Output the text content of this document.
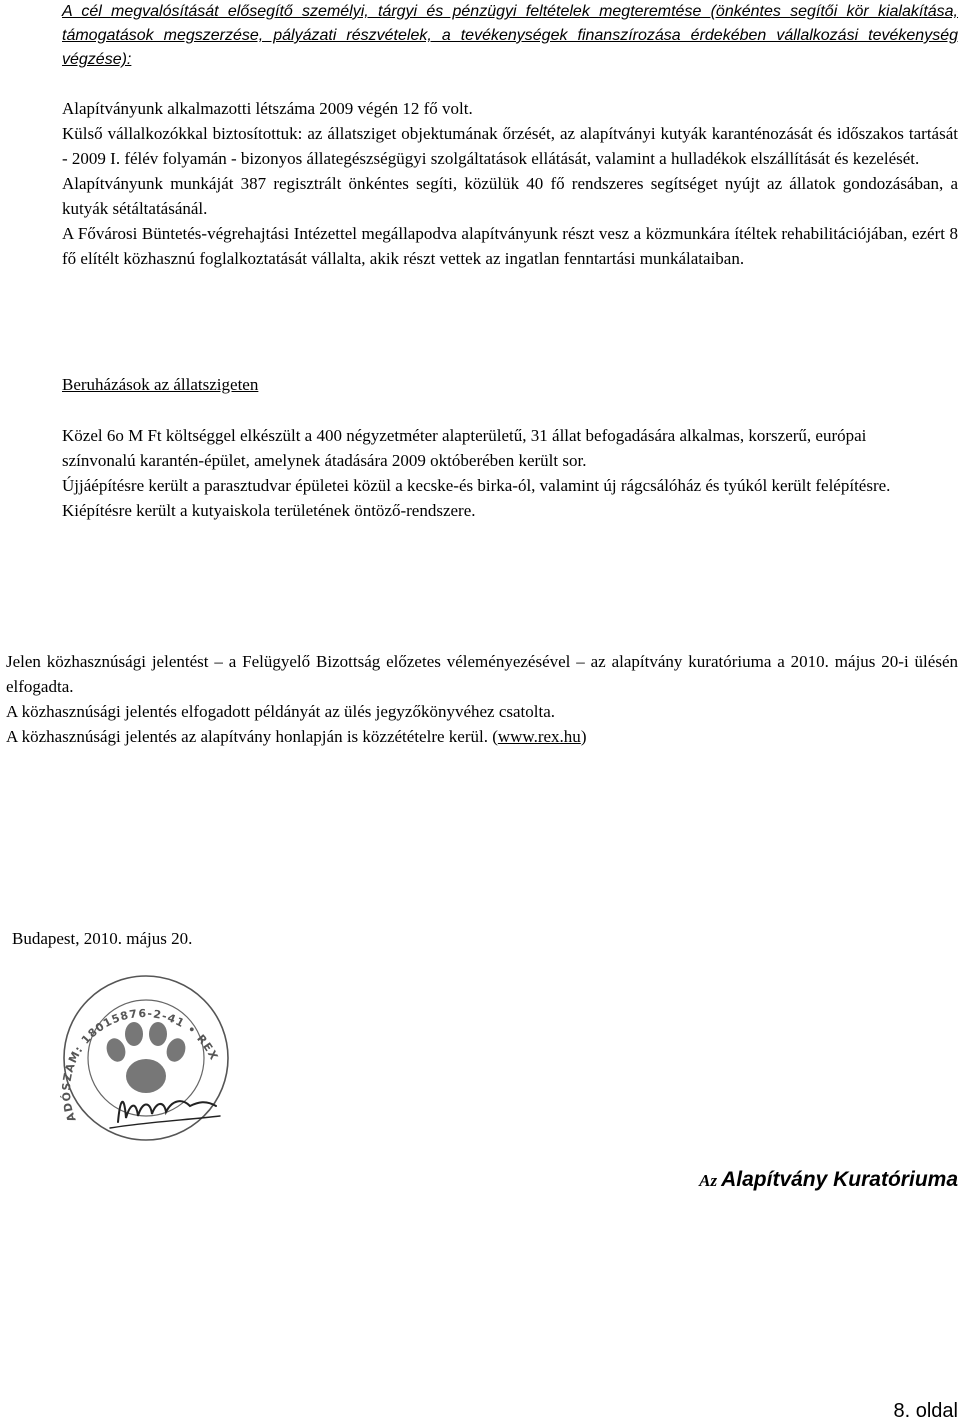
A cél megvalósítását elősegítő személyi, tárgyi és pénzügyi feltételek megteremtése (önkéntes segítői kör kialakítása, támogatások megszerzése, pályázati részvételek, a tevékenységek finanszírozása érdekében vállalkozási tevékenység végzése):

Alapítványunk alkalmazotti létszáma 2009 végén 12 fő volt.

Külső vállalkozókkal biztosítottuk: az állatsziget objektumának őrzését, az alapítványi kutyák karanténozását és időszakos tartását - 2009 I. félév folyamán - bizonyos állategészségügyi szolgáltatások ellátását, valamint a hulladékok elszállítását és kezelését.

Alapítványunk munkáját 387 regisztrált önkéntes segíti, közülük 40 fő rendszeres segítséget nyújt az állatok gondozásában, a kutyák sétáltatásánál.

A Fővárosi Büntetés-végrehajtási Intézettel megállapodva alapítványunk részt vesz a közmunkára ítéltek rehabilitációjában, ezért 8 fő elítélt közhasznú foglalkoztatását vállalta, akik részt vettek az ingatlan fenntartási munkálataiban.

Beruházások az állatszigeten

Közel 6o M Ft költséggel elkészült a 400 négyzetméter alapterületű, 31 állat befogadására alkalmas, korszerű, európai színvonalú karantén-épület, amelynek átadására 2009 októberében került sor.

Újjáépítésre került a parasztudvar épületei közül a kecske-és birka-ól, valamint új rágcsálóház és tyúkól került felépítésre.

Kiépítésre került a kutyaiskola területének öntöző-rendszere.

Jelen közhasznúsági jelentést – a Felügyelő Bizottság előzetes véleményezésével – az alapítvány kuratóriuma a 2010. május 20-i ülésén elfogadta.

A közhasznúsági jelentés elfogadott példányát az ülés jegyzőkönyvéhez csatolta.

A közhasznúsági jelentés az alapítvány honlapján is közzétételre kerül. (www.rex.hu)

Budapest, 2010. május 20.
ADÓSZÁM: 18015876-2-41 • REX
Az Alapítvány Kuratóriuma
8. oldal
